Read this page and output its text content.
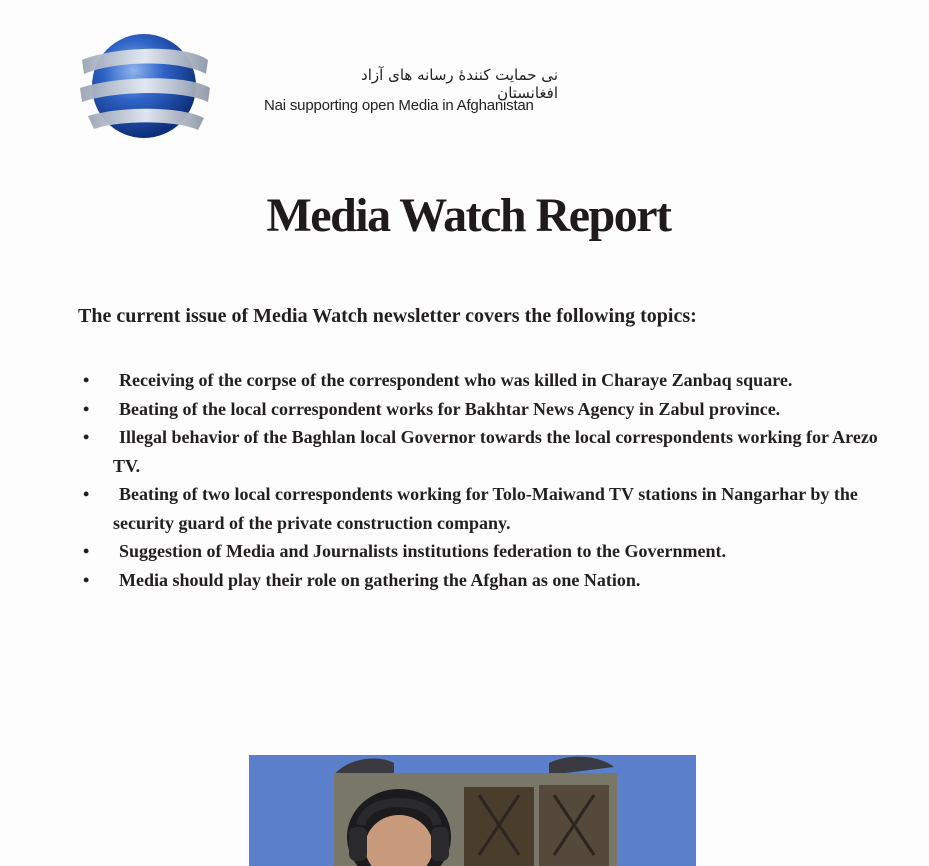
نی حمایت کنندهٔ رسانه های آزاد افغانستان
Nai supporting open Media in Afghanistan
Media Watch Report

The current issue of Media Watch newsletter covers the following topics:

• Receiving of the corpse of the correspondent who was killed in Charaye Zanbaq square.
• Beating of the local correspondent works for Bakhtar News Agency in Zabul province.
• Illegal behavior of the Baghlan local Governor towards the local correspondents working for Arezo TV.
• Beating of two local correspondents working for Tolo-Maiwand TV stations in Nangarhar by the security guard of the private construction company.
• Suggestion of Media and Journalists institutions federation to the Government.
• Media should play their role on gathering the Afghan as one Nation.
